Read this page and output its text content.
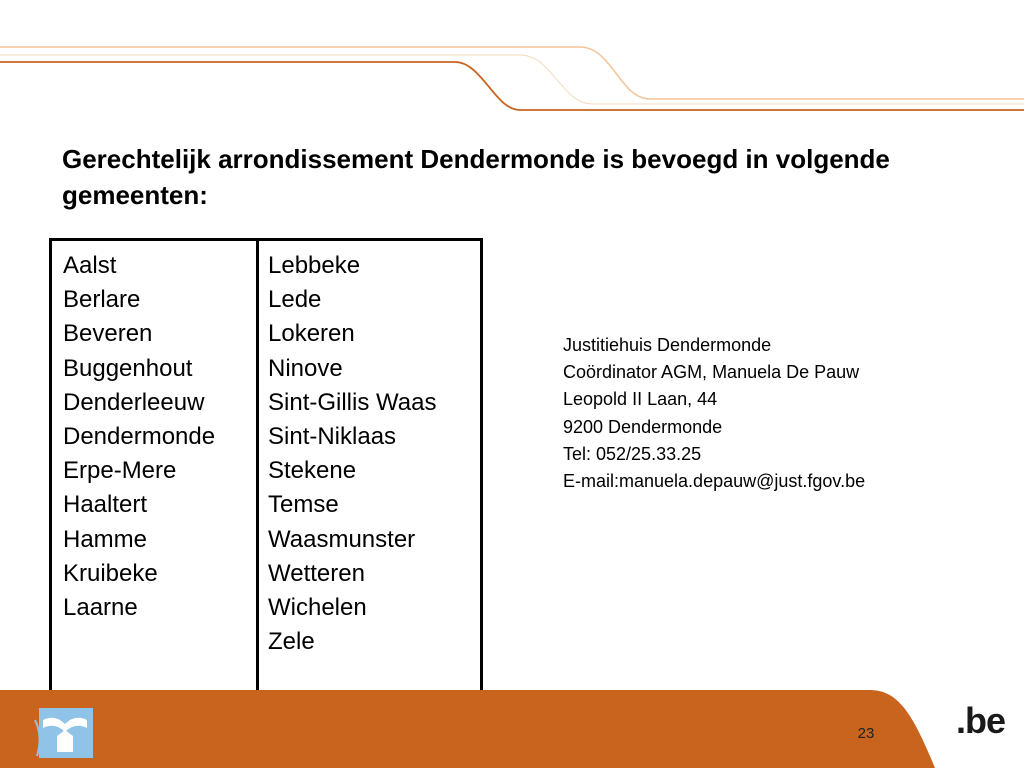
Gerechtelijk arrondissement Dendermonde is bevoegd in volgende gemeenten:
Aalst
Berlare
Beveren
Buggenhout
Denderleeuw
Dendermonde
Erpe-Mere
Haaltert
Hamme
Kruibeke
Laarne

Lebbeke
Lede
Lokeren
Ninove
Sint-Gillis Waas
Sint-Niklaas
Stekene
Temse
Waasmunster
Wetteren
Wichelen
Zele
Justitiehuis Dendermonde
Coördinator AGM, Manuela De Pauw
Leopold II Laan, 44
9200 Dendermonde
Tel: 052/25.33.25
E-mail:manuela.depauw@just.fgov.be
23 .be
